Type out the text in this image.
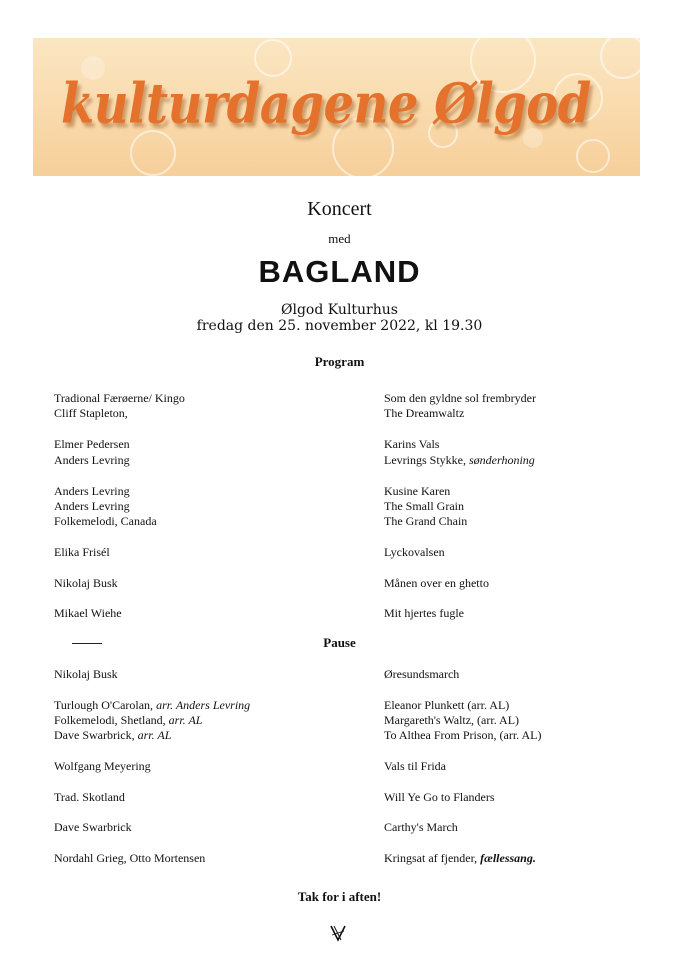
kulturdagene Ølgod
Koncert
med
BAGLAND
Ølgod Kulturhus
fredag den 25. november 2022, kl 19.30
Program
Tradional Færøerne/ Kingo	Som den gyldne sol frembryder
Cliff Stapleton,	The Dreamwaltz
Elmer Pedersen	Karins Vals
Anders Levring	Levrings Stykke, sønderhoning
Anders Levring	Kusine Karen
Anders Levring	The Small Grain
Folkemelodi, Canada	The Grand Chain
Elika Frisél	Lyckovalsen
Nikolaj Busk	Månen over en ghetto
Mikael Wiehe	Mit hjertes fugle
Pause
Nikolaj Busk	Øresundsmarch
Turlough O'Carolan, arr. Anders Levring	Eleanor Plunkett (arr. AL)
Folkemelodi, Shetland, arr. AL	Margareth's Waltz, (arr. AL)
Dave Swarbrick, arr. AL	To Althea From Prison, (arr. AL)
Wolfgang Meyering	Vals til Frida
Trad. Skotland	Will Ye Go to Flanders
Dave Swarbrick	Carthy's March
Nordahl Grieg, Otto Mortensen	Kringsat af fjender, fællessang.
Tak for i aften!
